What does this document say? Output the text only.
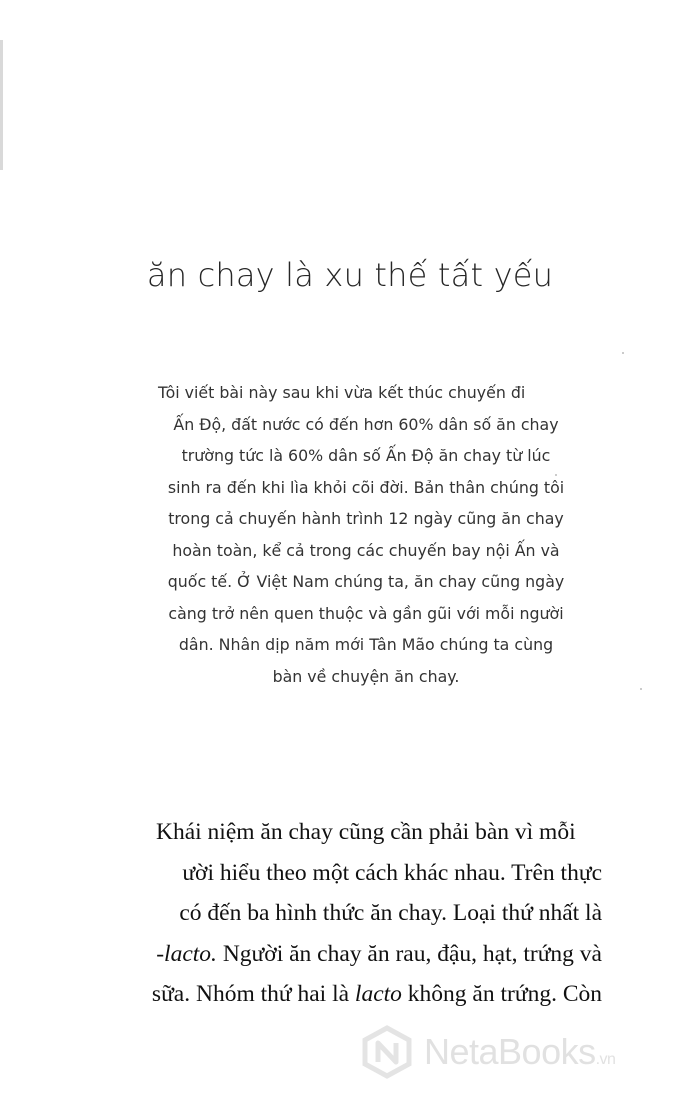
ăn chay là xu thế tất yếu
Tôi viết bài này sau khi vừa kết thúc chuyến đi
Ấn Độ, đất nước có đến hơn 60% dân số ăn chay
trường tức là 60% dân số Ấn Độ ăn chay từ lúc
sinh ra đến khi lìa khỏi cõi đời. Bản thân chúng tôi
trong cả chuyến hành trình 12 ngày cũng ăn chay
hoàn toàn, kể cả trong các chuyến bay nội Ấn và
quốc tế. Ở Việt Nam chúng ta, ăn chay cũng ngày
càng trở nên quen thuộc và gần gũi với mỗi người
dân. Nhân dịp năm mới Tân Mão chúng ta cùng
bàn về chuyện ăn chay.
Khái niệm ăn chay cũng cần phải bàn vì mỗi
ười hiểu theo một cách khác nhau. Trên thực
có đến ba hình thức ăn chay. Loại thứ nhất là
-lacto. Người ăn chay ăn rau, đậu, hạt, trứng và
sữa. Nhóm thứ hai là lacto không ăn trứng. Còn
NetaBooks.vn
